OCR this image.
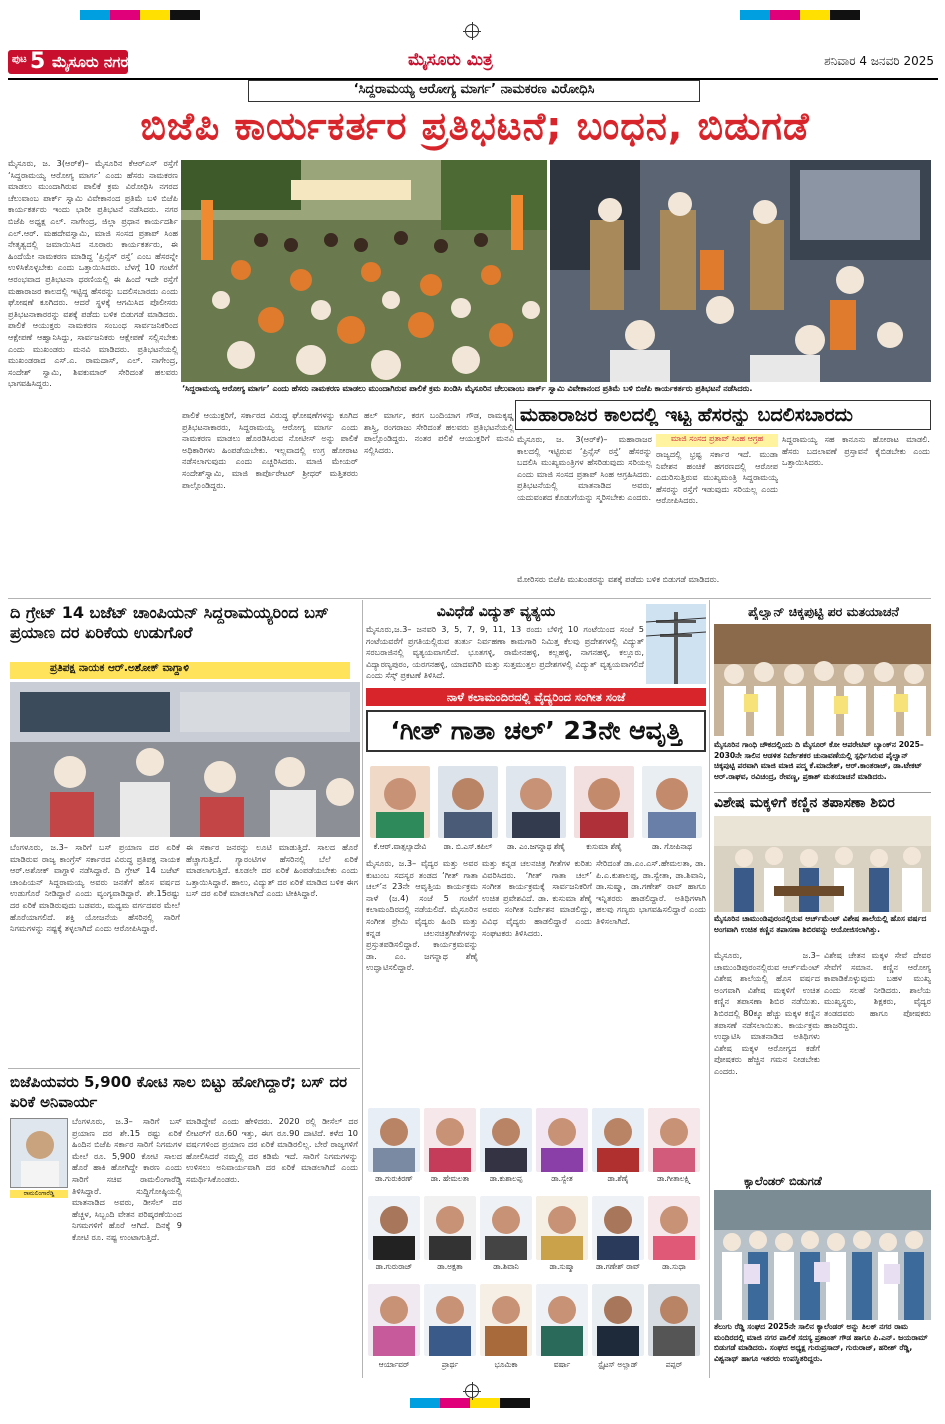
ಪುಟ 5 ಮೈಸೂರು ನಗರ	ಮೈಸೂರು ಮಿತ್ರ	ಶನಿವಾರ 4 ಜನವರಿ 2025
‘ಸಿದ್ದರಾಮಯ್ಯ ಆರೋಗ್ಯ ಮಾರ್ಗ’ ನಾಮಕರಣ ವಿರೋಧಿಸಿ
ಬಿಜೆಪಿ ಕಾರ್ಯಕರ್ತರ ಪ್ರತಿಭಟನೆ; ಬಂಧನ, ಬಿಡುಗಡೆ
ಮೈಸೂರು, ಜ. 3(ಆರ್‌ಕೆ)– ಮೈಸೂರಿನ ಕೆಆರ್‌ಎಸ್ ರಸ್ತೆಗೆ ‘ಸಿದ್ದರಾಮಯ್ಯ ಆರೋಗ್ಯ ಮಾರ್ಗ’ ಎಂದು ಹೆಸರು ನಾಮಕರಣ ಮಾಡಲು ಮುಂದಾಗಿರುವ ಪಾಲಿಕೆ ಕ್ರಮ ವಿರೋಧಿಸಿ ನಗರದ ಚೆಲುವಾಂಬ ಪಾರ್ಕ್ ಸ್ವಾಮಿ ವಿವೇಕಾನಂದ ಪ್ರತಿಮೆ ಬಳಿ ಬಿಜೆಪಿ ಕಾರ್ಯಕರ್ತರು ಇಂದು ಭಾರೀ ಪ್ರತಿಭಟನೆ ನಡೆಸಿದರು. ನಗರ ಬಿಜೆಪಿ ಅಧ್ಯಕ್ಷ ಎಲ್. ನಾಗೇಂದ್ರ, ಜಿಲ್ಲಾ ಪ್ರಧಾನ ಕಾರ್ಯದರ್ಶಿ ಎಲ್.ಆರ್. ಮಹದೇವಸ್ವಾಮಿ, ಮಾಜಿ ಸಂಸದ ಪ್ರತಾಪ್ ಸಿಂಹ ನೇತೃತ್ವದಲ್ಲಿ ಜಮಾಯಿಸಿದ ನೂರಾರು ಕಾರ್ಯಕರ್ತರು, ಈ ಹಿಂದೆಯೇ ನಾಮಕರಣ ಮಾಡಿದ್ದ ‘ಪ್ರಿನ್ಸೆಸ್ ರಸ್ತೆ’ ಎಂಬ ಹೆಸರನ್ನೇ ಉಳಿಸಿಕೊಳ್ಳಬೇಕು ಎಂದು ಒತ್ತಾಯಿಸಿದರು. ಬೆಳಗ್ಗೆ 10 ಗಂಟೆಗೆ ಆರಂಭವಾದ ಪ್ರತಿಭಟನಾ ಧರಣಿಯಲ್ಲಿ ಈ ಹಿಂದೆ ಇದೇ ರಸ್ತೆಗೆ ಮಹಾರಾಜರ ಕಾಲದಲ್ಲಿ ಇಟ್ಟಿದ್ದ ಹೆಸರನ್ನು ಬದಲಿಸಬಾರದು ಎಂದು ಘೋಷಣೆ ಕೂಗಿದರು. ಆದರೆ ಸ್ಥಳಕ್ಕೆ ಆಗಮಿಸಿದ ಪೊಲೀಸರು ಪ್ರತಿಭಟನಾಕಾರರನ್ನು ವಶಕ್ಕೆ ಪಡೆದು ಬಳಿಕ ಬಿಡುಗಡೆ ಮಾಡಿದರು. ಪಾಲಿಕೆ ಆಯುಕ್ತರು ನಾಮಕರಣ ಸಂಬಂಧ ಸಾರ್ವಜನಿಕರಿಂದ ಆಕ್ಷೇಪಣೆ ಆಹ್ವಾನಿಸಿದ್ದು, ಸಾರ್ವಜನಿಕರು ಆಕ್ಷೇಪಣೆ ಸಲ್ಲಿಸಬೇಕು ಎಂದು ಮುಖಂಡರು ಮನವಿ ಮಾಡಿದರು. ಪ್ರತಿಭಟನೆಯಲ್ಲಿ ಮುಖಂಡರಾದ ಎಸ್.ಎ. ರಾಮದಾಸ್, ಎಲ್. ನಾಗೇಂದ್ರ, ಸಂದೇಶ್ ಸ್ವಾಮಿ, ಶಿವಕುಮಾರ್ ಸೇರಿದಂತೆ ಹಲವರು ಭಾಗವಹಿಸಿದ್ದರು.
‘ಸಿದ್ದರಾಮಯ್ಯ ಆರೋಗ್ಯ ಮಾರ್ಗ’ ಎಂದು ಹೆಸರು ನಾಮಕರಣ ಮಾಡಲು ಮುಂದಾಗಿರುವ ಪಾಲಿಕೆ ಕ್ರಮ ಖಂಡಿಸಿ ಮೈಸೂರಿನ ಚೆಲುವಾಂಬ ಪಾರ್ಕ್ ಸ್ವಾಮಿ ವಿವೇಕಾನಂದ ಪ್ರತಿಮೆ ಬಳಿ ಬಿಜೆಪಿ ಕಾರ್ಯಕರ್ತರು ಪ್ರತಿಭಟನೆ ನಡೆಸಿದರು.
ಪಾಲಿಕೆ ಆಯುಕ್ತರಿಗೆ, ಸರ್ಕಾರದ ವಿರುದ್ಧ ಘೋಷಣೆಗಳನ್ನು ಕೂಗಿದ ಪ್ರತಿಭಟನಾಕಾರರು, ಸಿದ್ದರಾಮಯ್ಯ ಆರೋಗ್ಯ ಮಾರ್ಗ ಎಂದು ನಾಮಕರಣ ಮಾಡಲು ಹೊರಡಿಸಿರುವ ನೋಟೀಸ್ ಅನ್ನು ಪಾಲಿಕೆ ಅಧಿಕಾರಿಗಳು ಹಿಂಪಡೆಯಬೇಕು. ಇಲ್ಲವಾದಲ್ಲಿ ಉಗ್ರ ಹೋರಾಟ ನಡೆಸಲಾಗುವುದು ಎಂದು ಎಚ್ಚರಿಸಿದರು. ಮಾಜಿ ಮೇಯರ್ ಸಂದೇಶ್‌ಸ್ವಾಮಿ, ಮಾಜಿ ಕಾರ್ಪೊರೇಟರ್ ಶ್ರೀಧರ್ ಮತ್ತಿತರರು ಪಾಲ್ಗೊಂಡಿದ್ದರು.
ಹಲ್ ಮಾರ್ಗ, ಕರಗ ಬಂದಿಯಾಗ ಗೌಡ, ರಾಮಕೃಷ್ಣ ಶಾಸ್ತ್ರಿ, ರಂಗರಾಜು ಸೇರಿದಂತೆ ಹಲವರು ಪ್ರತಿಭಟನೆಯಲ್ಲಿ ಪಾಲ್ಗೊಂಡಿದ್ದರು. ನಂತರ ಪಲಿಕೆ ಆಯುಕ್ತರಿಗೆ ಮನವಿ ಸಲ್ಲಿಸಿದರು.
ಮಹಾರಾಜರ ಕಾಲದಲ್ಲಿ ಇಟ್ಟ ಹೆಸರನ್ನು ಬದಲಿಸಬಾರದು
ಮೈಸೂರು, ಜ. 3(ಆರ್‌ಕೆ)– ಮಹಾರಾಜರ ಕಾಲದಲ್ಲಿ ಇಟ್ಟಿರುವ ‘ಪ್ರಿನ್ಸೆಸ್ ರಸ್ತೆ’ ಹೆಸರನ್ನು ಬದಲಿಸಿ ಮುಖ್ಯಮಂತ್ರಿಗಳ ಹೆಸರಿಡುವುದು ಸರಿಯಲ್ಲ ಎಂದು ಮಾಜಿ ಸಂಸದ ಪ್ರತಾಪ್ ಸಿಂಹ ಆಗ್ರಹಿಸಿದರು. ಪ್ರತಿಭಟನೆಯಲ್ಲಿ ಮಾತನಾಡಿದ ಅವರು, ಯದುವಂಶದ ಕೊಡುಗೆಯನ್ನು ಸ್ಮರಿಸಬೇಕು ಎಂದರು.
ಮಾಜಿ ಸಂಸದ ಪ್ರತಾಪ್ ಸಿಂಹ ಆಗ್ರಹ
ರಾಜ್ಯದಲ್ಲಿ ಭ್ರಷ್ಟ ಸರ್ಕಾರ ಇದೆ. ಮುಡಾ ನಿವೇಶನ ಹಂಚಿಕೆ ಹಗರಣದಲ್ಲಿ ಆರೋಪ ಎದುರಿಸುತ್ತಿರುವ ಮುಖ್ಯಮಂತ್ರಿ ಸಿದ್ದರಾಮಯ್ಯ ಹೆಸರನ್ನು ರಸ್ತೆಗೆ ಇಡುವುದು ಸರಿಯಲ್ಲ ಎಂದು ಆರೋಪಿಸಿದರು.
ಸಿದ್ದರಾಮಯ್ಯ ಸಹ ಕಾನೂನು ಹೋರಾಟ ಮಾಡಲಿ. ಹೆಸರು ಬದಲಾವಣೆ ಪ್ರಸ್ತಾವನೆ ಕೈಬಿಡಬೇಕು ಎಂದು ಒತ್ತಾಯಿಸಿದರು.
ಮೋರಿಸರು ಬಿಜೆಪಿ ಮುಖಂಡರನ್ನು ವಶಕ್ಕೆ ಪಡೆದು ಬಳಿಕ ಬಿಡುಗಡೆ ಮಾಡಿದರು.
ದಿ ಗ್ರೇಟ್ 14 ಬಜೆಟ್ ಚಾಂಪಿಯನ್ ಸಿದ್ದರಾಮಯ್ಯರಿಂದ ಬಸ್ ಪ್ರಯಾಣ ದರ ಏರಿಕೆಯ ಉಡುಗೊರೆ
ಪ್ರತಿಪಕ್ಷ ನಾಯಕ ಆರ್.ಅಶೋಕ್ ವಾಗ್ದಾಳಿ
ಬೆಂಗಳೂರು, ಜ.3– ಸಾರಿಗೆ ಬಸ್ ಪ್ರಯಾಣ ದರ ಏರಿಕೆ ಮಾಡಿರುವ ರಾಜ್ಯ ಕಾಂಗ್ರೆಸ್ ಸರ್ಕಾರದ ವಿರುದ್ಧ ಪ್ರತಿಪಕ್ಷ ನಾಯಕ ಆರ್.ಅಶೋಕ್ ವಾಗ್ದಾಳಿ ನಡೆಸಿದ್ದಾರೆ. ದಿ ಗ್ರೇಟ್ 14 ಬಜೆಟ್ ಚಾಂಪಿಯನ್ ಸಿದ್ದರಾಮಯ್ಯ ಅವರು ಜನತೆಗೆ ಹೊಸ ವರ್ಷದ ಉಡುಗೊರೆ ನೀಡಿದ್ದಾರೆ ಎಂದು ವ್ಯಂಗ್ಯವಾಡಿದ್ದಾರೆ. ಶೇ.15ರಷ್ಟು ದರ ಏರಿಕೆ ಮಾಡಿರುವುದು ಬಡವರು, ಮಧ್ಯಮ ವರ್ಗದವರ ಮೇಲೆ ಹೊರೆಯಾಗಲಿದೆ. ಶಕ್ತಿ ಯೋಜನೆಯ ಹೆಸರಿನಲ್ಲಿ ಸಾರಿಗೆ ನಿಗಮಗಳನ್ನು ನಷ್ಟಕ್ಕೆ ತಳ್ಳಲಾಗಿದೆ ಎಂದು ಆರೋಪಿಸಿದ್ದಾರೆ.
ಈ ಸರ್ಕಾರ ಜನರನ್ನು ಲೂಟಿ ಮಾಡುತ್ತಿದೆ. ಸಾಲದ ಹೊರೆ ಹೆಚ್ಚಾಗುತ್ತಿದೆ. ಗ್ಯಾರಂಟಿಗಳ ಹೆಸರಿನಲ್ಲಿ ಬೆಲೆ ಏರಿಕೆ ಮಾಡಲಾಗುತ್ತಿದೆ. ಕೂಡಲೇ ದರ ಏರಿಕೆ ಹಿಂಪಡೆಯಬೇಕು ಎಂದು ಒತ್ತಾಯಿಸಿದ್ದಾರೆ. ಹಾಲು, ವಿದ್ಯುತ್ ದರ ಏರಿಕೆ ಮಾಡಿದ ಬಳಿಕ ಈಗ ಬಸ್ ದರ ಏರಿಕೆ ಮಾಡಲಾಗಿದೆ ಎಂದು ಟೀಕಿಸಿದ್ದಾರೆ.
ಬಿಜೆಪಿಯವರು 5,900 ಕೋಟಿ ಸಾಲ ಬಿಟ್ಟು ಹೋಗಿದ್ದಾರೆ; ಬಸ್ ದರ ಏರಿಕೆ ಅನಿವಾರ್ಯ
ರಾಮಲಿಂಗಾರೆಡ್ಡಿ
ಬೆಂಗಳೂರು, ಜ.3– ಸಾರಿಗೆ ಬಸ್ ಪ್ರಯಾಣ ದರ ಶೇ.15 ರಷ್ಟು ಏರಿಕೆ ಹಿಂದಿನ ಬಿಜೆಪಿ ಸರ್ಕಾರ ಸಾರಿಗೆ ನಿಗಮಗಳ ಮೇಲೆ ರೂ. 5,900 ಕೋಟಿ ಸಾಲದ ಹೊರೆ ಹಾಕಿ ಹೋಗಿದ್ದೇ ಕಾರಣ ಎಂದು ಸಾರಿಗೆ ಸಚಿವ ರಾಮಲಿಂಗಾರೆಡ್ಡಿ ತಿಳಿಸಿದ್ದಾರೆ. ಸುದ್ದಿಗೋಷ್ಠಿಯಲ್ಲಿ ಮಾತನಾಡಿದ ಅವರು, ಡೀಸೆಲ್ ದರ ಹೆಚ್ಚಳ, ಸಿಬ್ಬಂದಿ ವೇತನ ಪರಿಷ್ಕರಣೆಯಿಂದ ನಿಗಮಗಳಿಗೆ ಹೊರೆ ಆಗಿದೆ. ದಿನಕ್ಕೆ 9 ಕೋಟಿ ರೂ. ನಷ್ಟ ಉಂಟಾಗುತ್ತಿದೆ.
ಮಾಡಿದ್ದೇವೆ ಎಂದು ಹೇಳಿದರು. 2020 ರಲ್ಲಿ ಡೀಸೆಲ್ ದರ ಲೀಟರ್‌ಗೆ ರೂ.60 ಇತ್ತು, ಈಗ ರೂ.90 ದಾಟಿದೆ. ಕಳೆದ 10 ವರ್ಷಗಳಿಂದ ಪ್ರಯಾಣ ದರ ಏರಿಕೆ ಮಾಡಿರಲಿಲ್ಲ. ಬೇರೆ ರಾಜ್ಯಗಳಿಗೆ ಹೋಲಿಸಿದರೆ ನಮ್ಮಲ್ಲಿ ದರ ಕಡಿಮೆ ಇದೆ. ಸಾರಿಗೆ ನಿಗಮಗಳನ್ನು ಉಳಿಸಲು ಅನಿವಾರ್ಯವಾಗಿ ದರ ಏರಿಕೆ ಮಾಡಲಾಗಿದೆ ಎಂದು ಸಮರ್ಥಿಸಿಕೊಂಡರು.
ವಿವಿಧೆಡೆ ವಿದ್ಯುತ್ ವ್ಯತ್ಯಯ
ಮೈಸೂರು,ಜ.3– ಜನವರಿ 3, 5, 7, 9, 11, 13 ರಂದು ಬೆಳಿಗ್ಗೆ 10 ಗಂಟೆಯಿಂದ ಸಂಜೆ 5 ಗಂಟೆಯವರೆಗೆ ಪ್ರಗತಿಯಲ್ಲಿರುವ ತುರ್ತು ನಿರ್ವಹಣಾ ಕಾಮಗಾರಿ ನಿಮಿತ್ತ ಕೆಲವು ಪ್ರದೇಶಗಳಲ್ಲಿ ವಿದ್ಯುತ್ ಸರಬರಾಜಿನಲ್ಲಿ ವ್ಯತ್ಯಯವಾಗಲಿದೆ. ಭೂತಗಳ್ಳಿ, ರಾಮೇನಹಳ್ಳಿ, ಕಲ್ಲಹಳ್ಳಿ, ನಾಗನಹಳ್ಳಿ, ಕಲ್ಲೂರು, ವಿದ್ಯಾರಣ್ಯಪುರಂ, ಯರಗನಹಳ್ಳಿ, ಯಾದವಗಿರಿ ಮತ್ತು ಸುತ್ತಮುತ್ತಲ ಪ್ರದೇಶಗಳಲ್ಲಿ ವಿದ್ಯುತ್ ವ್ಯತ್ಯಯವಾಗಲಿದೆ ಎಂದು ಸೆಸ್ಕ್ ಪ್ರಕಟಣೆ ತಿಳಿಸಿದೆ.
ನಾಳೆ ಕಲಾಮಂದಿರದಲ್ಲಿ ವೈದ್ಯರಿಂದ ಸಂಗೀತ ಸಂಜೆ
‘ಗೀತ್ ಗಾತಾ ಚಲ್’ 23ನೇ ಆವೃತ್ತಿ
ಕೆ.ಆರ್.ವಾತ್ಸಲ್ಯಾದೇವಿ	ಡಾ. ಬಿ.ಎಸ್.ಕಪಿಲ್	ಡಾ. ಎಂ.ಜಗನ್ನಾಥ ಶೆಣೈ	ಕುಸುಮಾ ಶೆಣೈ	ಡಾ. ಗೋಪಿನಾಥ
ಮೈಸೂರು, ಜ.3– ವೈದ್ಯರ ಮತ್ತು ಅವರ ಕುಟುಂಬ ಸದಸ್ಯರ ತಂಡದ ‘ಗೀತ್ ಗಾತಾ ಚಲ್’ನ 23ನೇ ಆವೃತ್ತಿಯ ಕಾರ್ಯಕ್ರಮ ನಾಳೆ (ಜ.4) ಸಂಜೆ 5 ಗಂಟೆಗೆ ಕಲಾಮಂದಿರದಲ್ಲಿ ನಡೆಯಲಿದೆ. ಮೈಸೂರಿನ ಸಂಗೀತ ಪ್ರೇಮಿ ವೈದ್ಯರು ಹಿಂದಿ ಮತ್ತು ಕನ್ನಡ ಚಲನಚಿತ್ರಗೀತೆಗಳನ್ನು ಪ್ರಸ್ತುತಪಡಿಸಲಿದ್ದಾರೆ. ಕಾರ್ಯಕ್ರಮವನ್ನು ಡಾ. ಎಂ. ಜಗನ್ನಾಥ ಶೆಣೈ ಉದ್ಘಾಟಿಸಲಿದ್ದಾರೆ.
ಮತ್ತು ಕನ್ನಡ ಚಲನಚಿತ್ರ ಗೀತೆಗಳ ಕುರಿತು ವಿವರಿಸಿದರು. ‘ಗೀತ್ ಗಾತಾ ಚಲ್’ ಸಂಗೀತ ಕಾರ್ಯಕ್ರಮಕ್ಕೆ ಸಾರ್ವಜನಿಕರಿಗೆ ಉಚಿತ ಪ್ರವೇಶವಿದೆ. ಡಾ. ಕುಸುಮಾ ಶೆಣೈ ಅವರು ಸಂಗೀತ ನಿರ್ದೇಶನ ಮಾಡಲಿದ್ದು, ವಿವಿಧ ವೈದ್ಯರು ಹಾಡಲಿದ್ದಾರೆ ಎಂದು ಸಂಘಟಕರು ತಿಳಿಸಿದರು.
ಸೇರಿದಂತೆ ಡಾ.ಎಂ.ಎಸ್.ಹೇಮಲತಾ, ಡಾ. ಪಿ.ಎ.ಕುಶಾಲಪ್ಪ, ಡಾ.ಸ್ವೇತಾ, ಡಾ.ಶಿವಾನಿ, ಡಾ.ಸುಷ್ಮಾ, ಡಾ.ಗಣೇಶ್ ರಾವ್ ಹಾಗೂ ಇನ್ನಿತರರು ಹಾಡಲಿದ್ದಾರೆ. ಅತಿಥಿಗಳಾಗಿ ಹಲವು ಗಣ್ಯರು ಭಾಗವಹಿಸಲಿದ್ದಾರೆ ಎಂದು ತಿಳಿಸಲಾಗಿದೆ.
ಡಾ.ಗುರುಕಿರಣ್	ಡಾ. ಹೇಮಲತಾ	ಡಾ.ಕುಶಾಲಪ್ಪ	ಡಾ.ಸ್ವೇತ	ಡಾ.ಶೆಣೈ	ಡಾ.ಗೀತಾಲಕ್ಷ್ಮಿ
ಡಾ.ಗುರುರಾಜ್	ಡಾ.ಅಕ್ಷತಾ	ಡಾ.ಶಿವಾನಿ	ಡಾ.ಸುಷ್ಮಾ	ಡಾ.ಗಣೇಶ್ ರಾವ್	ಡಾ.ಸುಧಾ
ಆರ್ಯಾವರ್	ಪ್ರಾರ್ಥ	ಭೂಮಿಕಾ	ವರ್ಷಾ	ಸ್ಟೈಟಸ್ ಅಲ್ಲಾಡ್	ಪಪ್ಪರ್
ಪೈಲ್ವಾನ್ ಚಿಕ್ಕಪುಟ್ಟಿ ಪರ ಮತಯಾಚನೆ
ಮೈಸೂರಿನ ಗಾಂಧಿ ಚೌಕದಲ್ಲಿಂದು ದಿ ಮೈಸೂರ್ ಕೋ ಆಪರೇಟಿವ್ ಬ್ಯಾಂಕ್‌ನ 2025–2030ನೇ ಸಾಲಿನ ಆಡಳಿತ ನಿರ್ದೇಶಕರ ಚುನಾವಣೆಯಲ್ಲಿ ಸ್ಪರ್ಧಿಸಿರುವ ಪೈಲ್ವಾನ್ ಚಿಕ್ಕಪುಟ್ಟಿ ಪರವಾಗಿ ಮಾಜಿ ಮಾಜಿ ಪದ್ಮ ಕೆ.ಮಾದೇಶ್, ಆರ್.ಕಾಂತರಾಜ್, ಡಾ.ಟೇಕಟ್ ಆರ್.ರಾಘವ, ರವಿಚಂದ್ರ, ರೇವಣ್ಣ, ಪ್ರಕಾಶ್ ಮತಯಾಚನೆ ಮಾಡಿದರು.
ವಿಶೇಷ ಮಕ್ಕಳಿಗೆ ಕಣ್ಣಿನ ತಪಾಸಣಾ ಶಿಬಿರ
ಮೈಸೂರಿನ ಚಾಮುಂಡಿಪುರಂನಲ್ಲಿರುವ ಆರ್ಚ್‌ಮೆಂಟ್ ವಿಶೇಷ ಶಾಲೆಯಲ್ಲಿ ಹೊಸ ವರ್ಷದ ಅಂಗವಾಗಿ ಉಚಿತ ಕಣ್ಣಿನ ತಪಾಸಣಾ ಶಿಬಿರವನ್ನು ಆಯೋಜಿಸಲಾಗಿತ್ತು.
ಮೈಸೂರು, ಜ.3– ಚಾಮುಂಡಿಪುರಂನಲ್ಲಿರುವ ಆರ್ಚ್‌ಮೆಂಟ್ ವಿಶೇಷ ಶಾಲೆಯಲ್ಲಿ ಹೊಸ ವರ್ಷದ ಅಂಗವಾಗಿ ವಿಶೇಷ ಮಕ್ಕಳಿಗೆ ಉಚಿತ ಕಣ್ಣಿನ ತಪಾಸಣಾ ಶಿಬಿರ ನಡೆಯಿತು. ಶಿಬಿರದಲ್ಲಿ 80ಕ್ಕೂ ಹೆಚ್ಚು ಮಕ್ಕಳ ಕಣ್ಣಿನ ತಪಾಸಣೆ ನಡೆಸಲಾಯಿತು. ಕಾರ್ಯಕ್ರಮ ಉದ್ಘಾಟಿಸಿ ಮಾತನಾಡಿದ ಅತಿಥಿಗಳು ವಿಶೇಷ ಮಕ್ಕಳ ಆರೋಗ್ಯದ ಕಡೆಗೆ ಪೋಷಕರು ಹೆಚ್ಚಿನ ಗಮನ ನೀಡಬೇಕು ಎಂದರು.
ವಿಶೇಷ ಚೇತನ ಮಕ್ಕಳ ಸೇವೆ ದೇವರ ಸೇವೆಗೆ ಸಮಾನ. ಕಣ್ಣಿನ ಆರೋಗ್ಯ ಕಾಪಾಡಿಕೊಳ್ಳುವುದು ಬಹಳ ಮುಖ್ಯ ಎಂದು ಸಲಹೆ ನೀಡಿದರು. ಶಾಲೆಯ ಮುಖ್ಯಸ್ಥರು, ಶಿಕ್ಷಕರು, ವೈದ್ಯರ ತಂಡದವರು ಹಾಗೂ ಪೋಷಕರು ಹಾಜರಿದ್ದರು.
ಕ್ಯಾಲೆಂಡರ್ ಬಿಡುಗಡೆ
ತೆಲುಗು ರೆಡ್ಡಿ ಸಂಘದ 2025ನೇ ಸಾಲಿನ ಕ್ಯಾಲೆಂಡರ್ ಅನ್ನು ತಿಲಕ್ ನಗರ ರಾಮ ಮಂದಿರದಲ್ಲಿ ಮಾಜಿ ನಗರ ಪಾಲಿಕೆ ಸದಸ್ಯ ಪ್ರಶಾಂತ್ ಗೌಡ ಹಾಗೂ ಪಿ.ಎನ್. ಜಯರಾಮ್ ಬಿಡುಗಡೆ ಮಾಡಿದರು. ಸಂಘದ ಅಧ್ಯಕ್ಷ ಗುರುಪ್ರಸಾದ್, ಗುರುರಾಜ್, ಹರೀಶ್ ರೆಡ್ಡಿ, ವಿಶ್ವನಾಥ್ ಹಾಗೂ ಇತರರು ಉಪಸ್ಥಿತರಿದ್ದರು.
